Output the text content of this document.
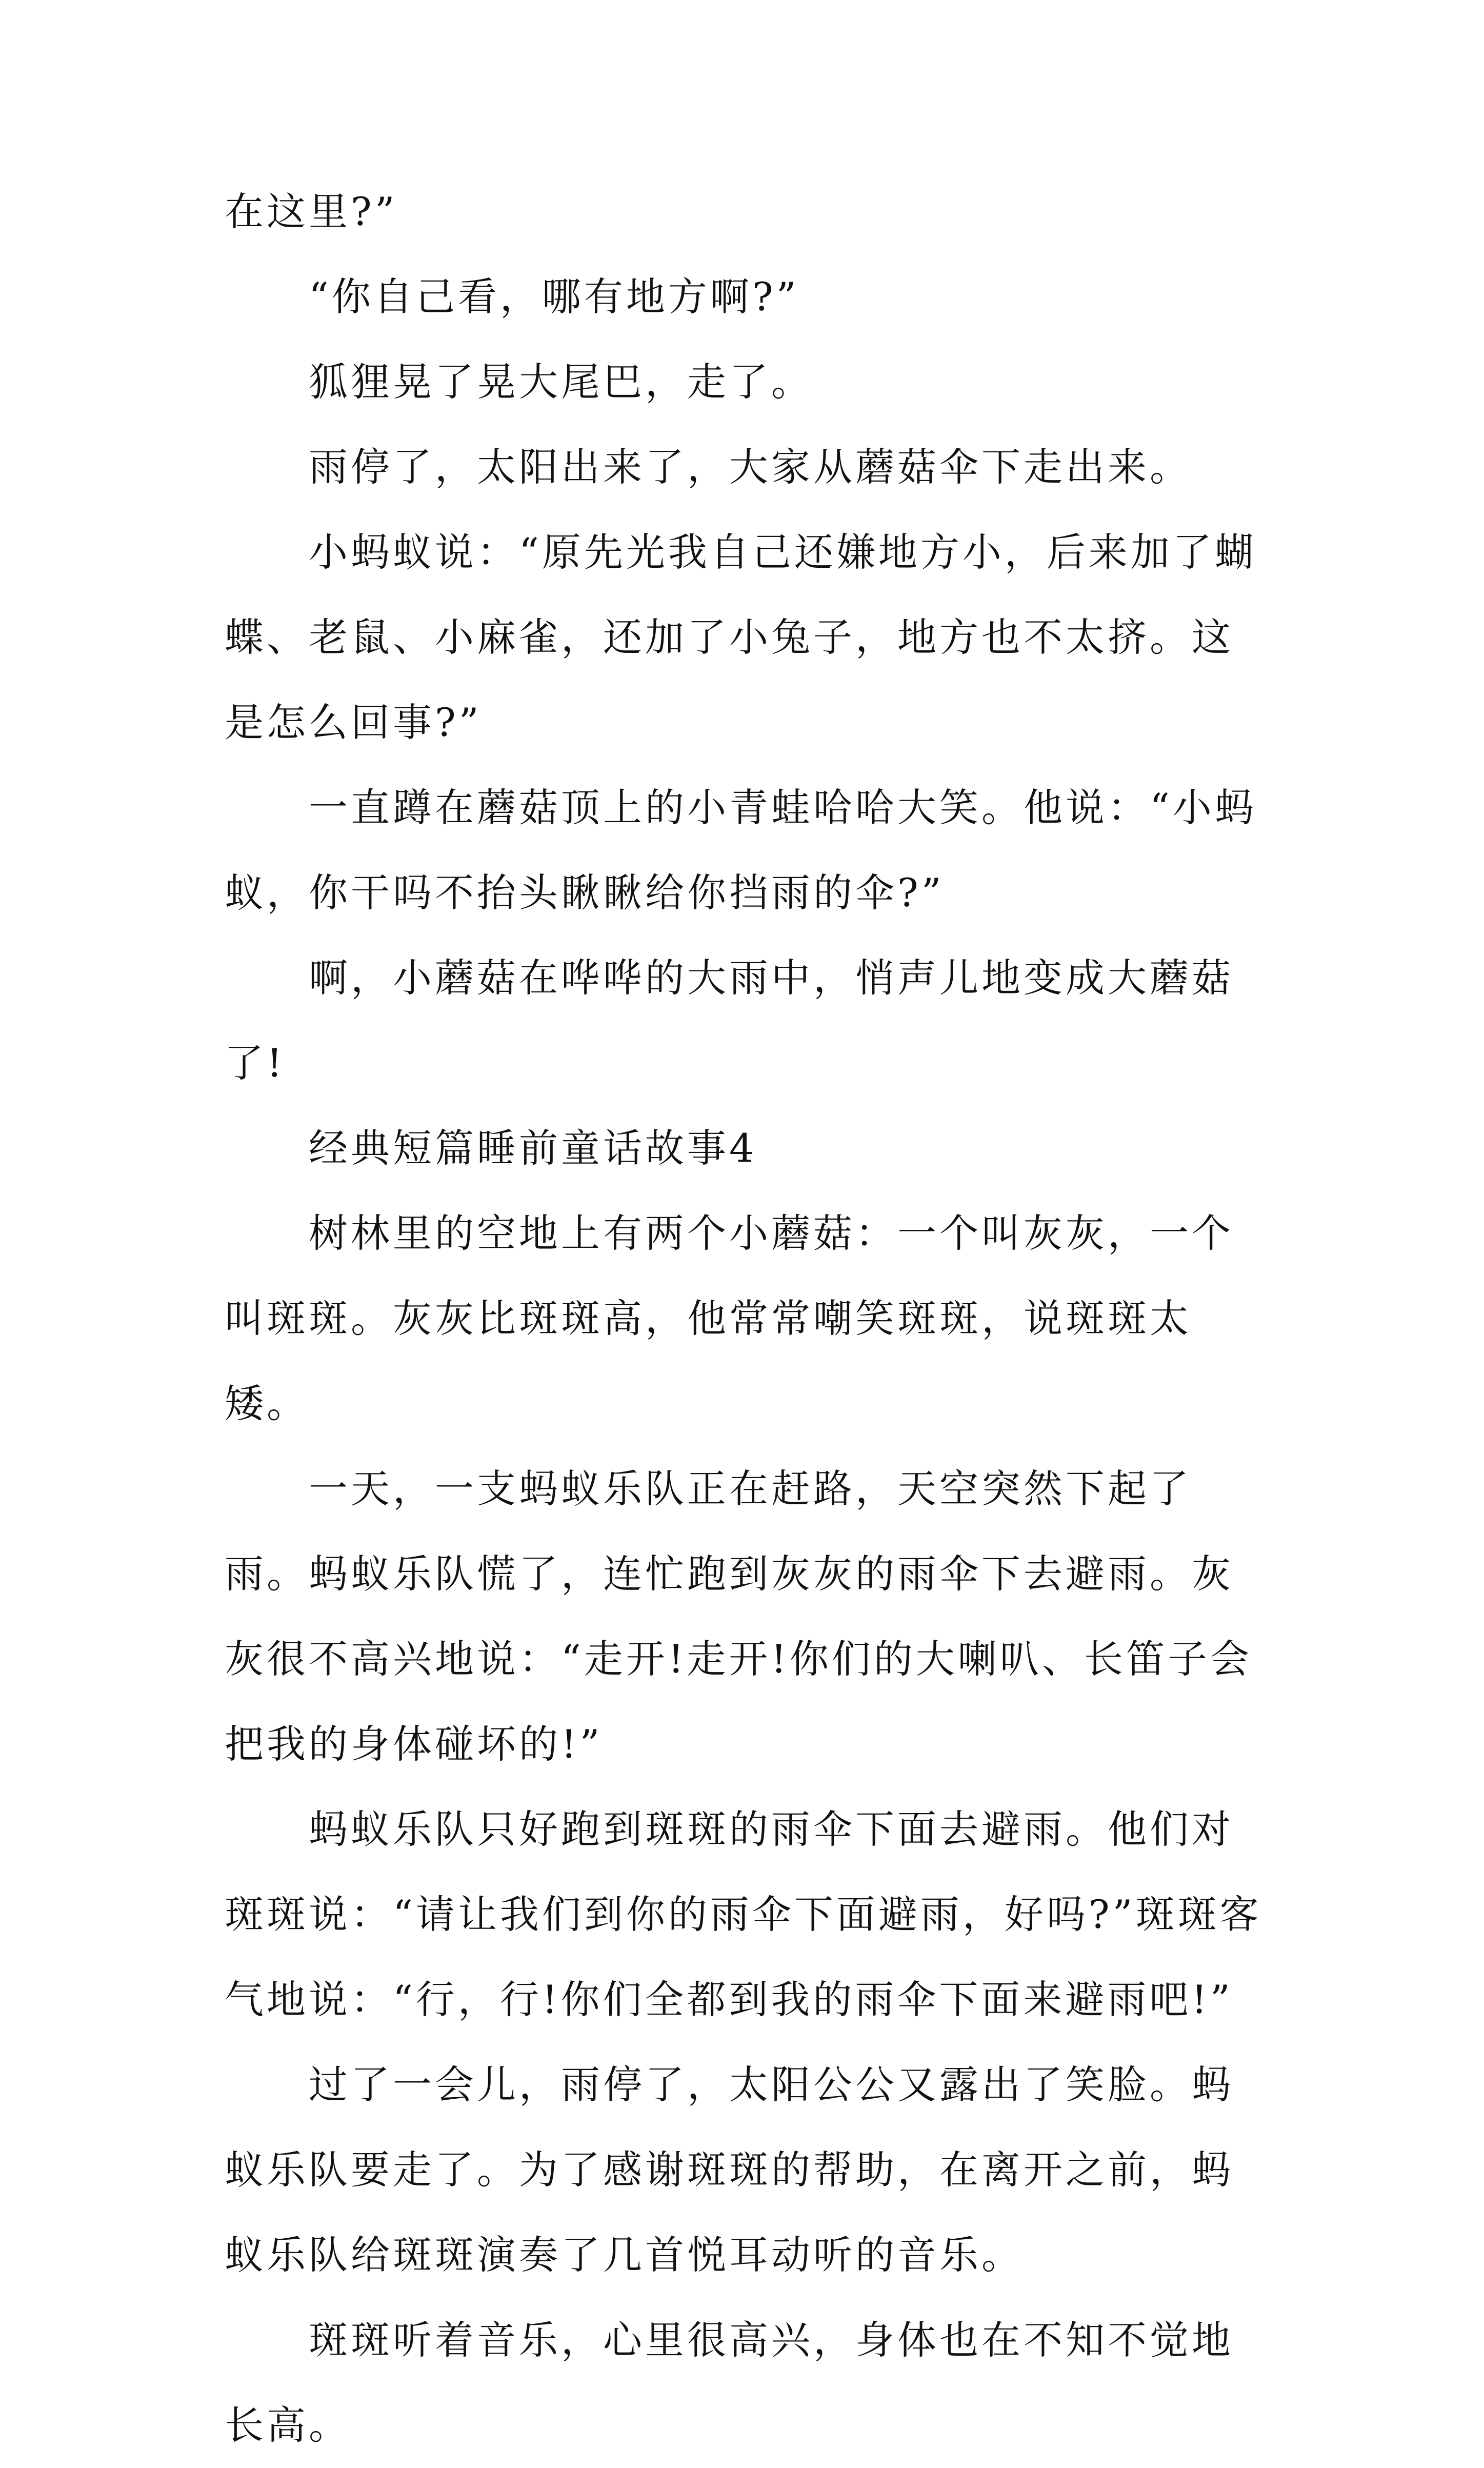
在这里?”

“你自己看，哪有地方啊?”

狐狸晃了晃大尾巴，走了。

雨停了，太阳出来了，大家从蘑菇伞下走出来。

小蚂蚁说：“原先光我自己还嫌地方小，后来加了蝴蝶、老鼠、小麻雀，还加了小兔子，地方也不太挤。这是怎么回事?”

一直蹲在蘑菇顶上的小青蛙哈哈大笑。他说：“小蚂蚁，你干吗不抬头瞅瞅给你挡雨的伞?”

啊，小蘑菇在哗哗的大雨中，悄声儿地变成大蘑菇了!

经典短篇睡前童话故事4

树林里的空地上有两个小蘑菇：一个叫灰灰，一个叫斑斑。灰灰比斑斑高，他常常嘲笑斑斑，说斑斑太矮。

一天，一支蚂蚁乐队正在赶路，天空突然下起了雨。蚂蚁乐队慌了，连忙跑到灰灰的雨伞下去避雨。灰灰很不高兴地说：“走开!走开!你们的大喇叭、长笛子会把我的身体碰坏的!”

蚂蚁乐队只好跑到斑斑的雨伞下面去避雨。他们对斑斑说：“请让我们到你的雨伞下面避雨，好吗?”斑斑客气地说：“行，行!你们全都到我的雨伞下面来避雨吧!”

过了一会儿，雨停了，太阳公公又露出了笑脸。蚂蚁乐队要走了。为了感谢斑斑的帮助，在离开之前，蚂蚁乐队给斑斑演奏了几首悦耳动听的音乐。

斑斑听着音乐，心里很高兴，身体也在不知不觉地长高。
